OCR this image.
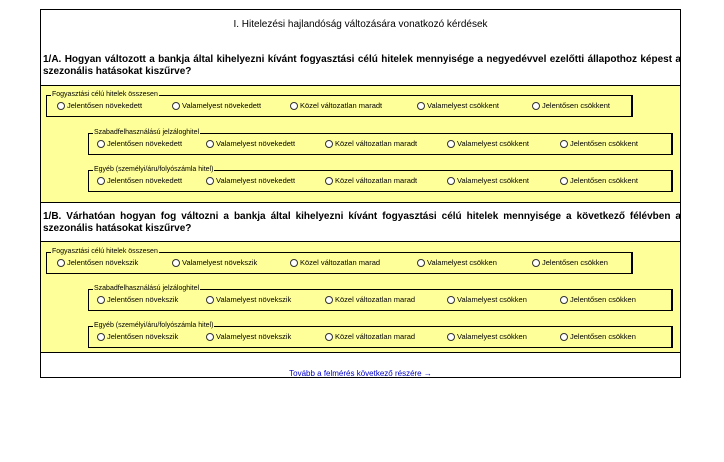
I. Hitelezési hajlandóság változására vonatkozó kérdések
1/A. Hogyan változott a bankja által kihelyezni kívánt fogyasztási célú hitelek mennyisége a negyedévvel ezelőtti állapothoz képest a szezonális hatásokat kiszűrve?
Fogyasztási célú hitelek összesen
Jelentősen növekedett	Valamelyest növekedett	Közel változatlan maradt	Valamelyest csökkent	Jelentősen csökkent
Szabadfelhasználású jelzáloghitel
Jelentősen növekedett	Valamelyest növekedett	Közel változatlan maradt	Valamelyest csökkent	Jelentősen csökkent
Egyéb (személyi/áru/folyószámla hitel)
Jelentősen növekedett	Valamelyest növekedett	Közel változatlan maradt	Valamelyest csökkent	Jelentősen csökkent
1/B. Várhatóan hogyan fog változni a bankja által kihelyezni kívánt fogyasztási célú hitelek mennyisége a következő félévben a szezonális hatásokat kiszűrve?
Fogyasztási célú hitelek összesen
Jelentősen növekszik	Valamelyest növekszik	Közel változatlan marad	Valamelyest csökken	Jelentősen csökken
Szabadfelhasználású jelzáloghitel
Jelentősen növekszik	Valamelyest növekszik	Közel változatlan marad	Valamelyest csökken	Jelentősen csökken
Egyéb (személyi/áru/folyószámla hitel)
Jelentősen növekszik	Valamelyest növekszik	Közel változatlan marad	Valamelyest csökken	Jelentősen csökken
Tovább a felmérés következő részére →
